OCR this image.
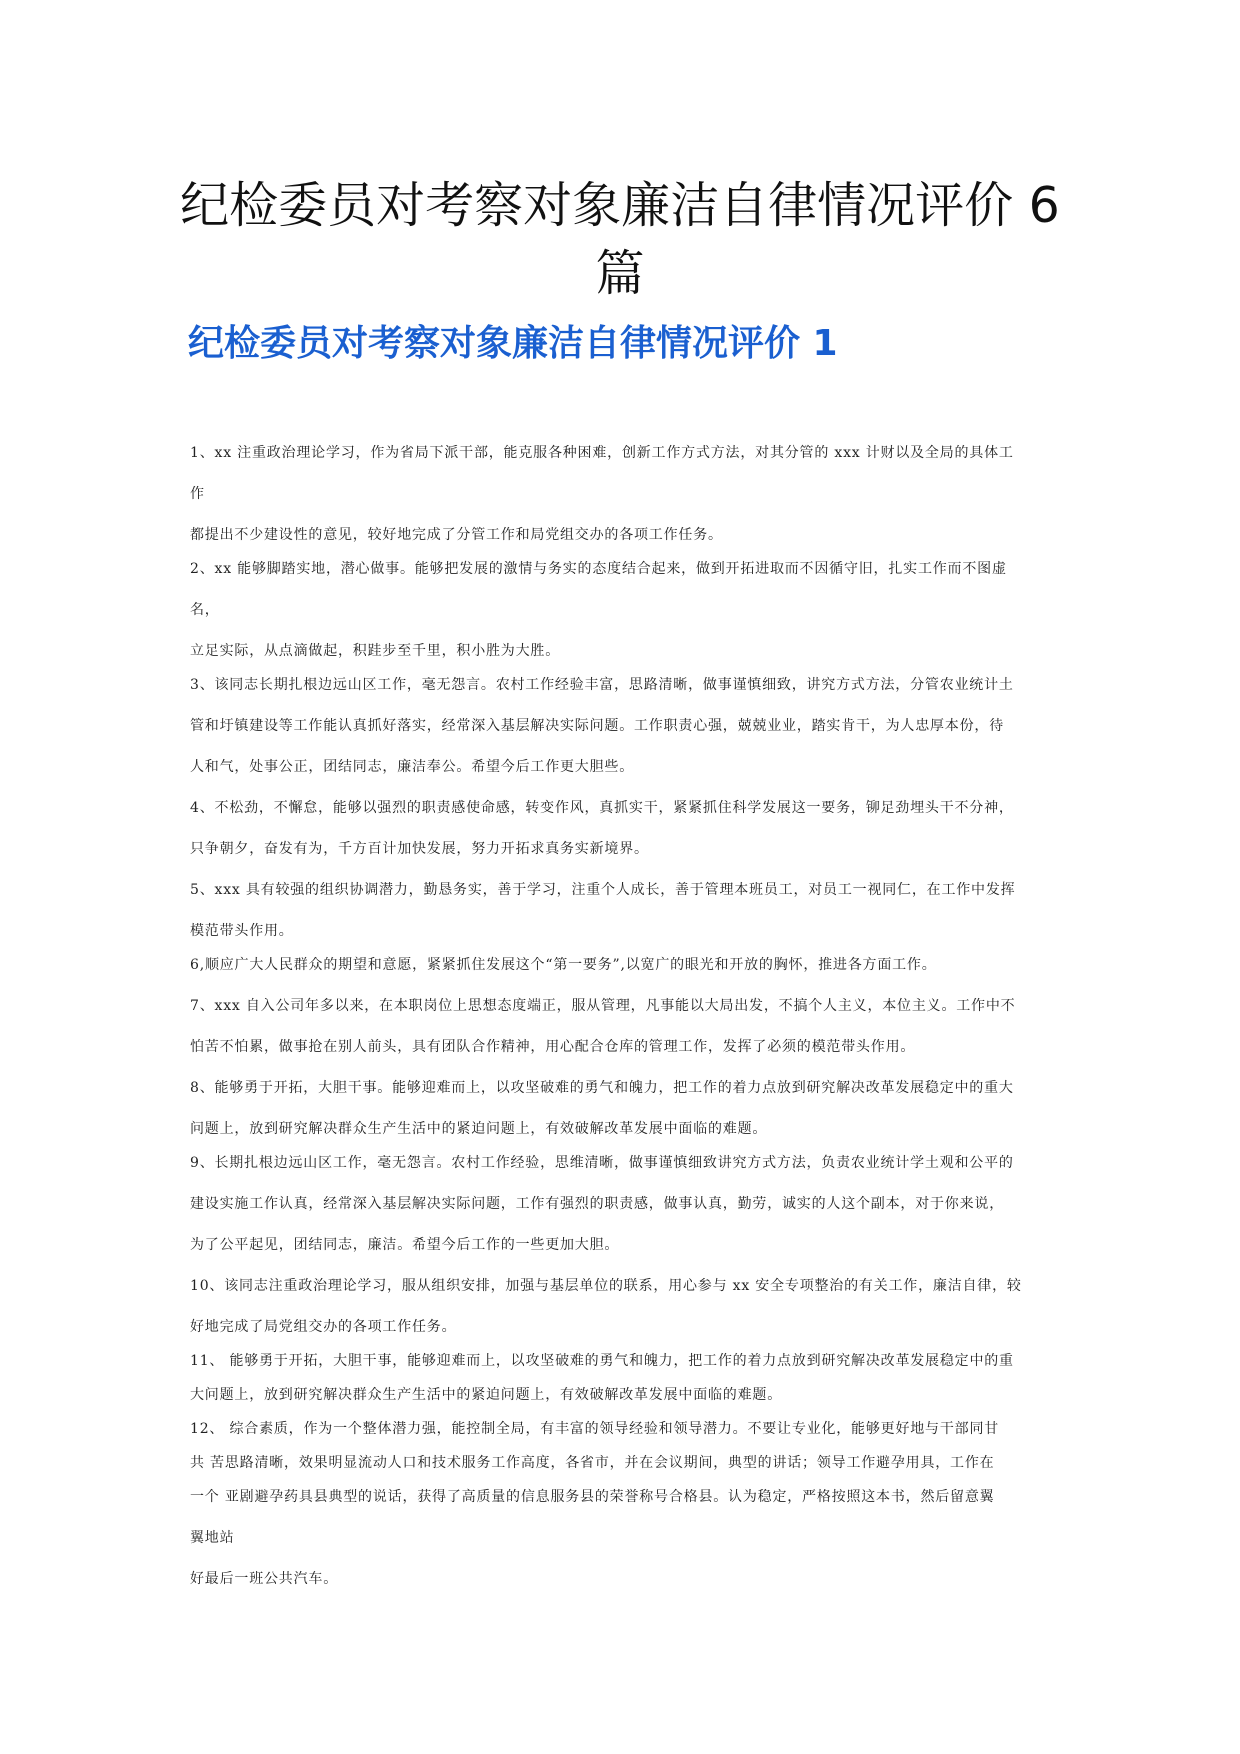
纪检委员对考察对象廉洁自律情况评价 6
篇
纪检委员对考察对象廉洁自律情况评价 1

1、xx 注重政治理论学习，作为省局下派干部，能克服各种困难，创新工作方式方法，对其分管的 xxx 计财以及全局的具体工

作

都提出不少建设性的意见，较好地完成了分管工作和局党组交办的各项工作任务。

2、xx 能够脚踏实地，潜心做事。能够把发展的激情与务实的态度结合起来，做到开拓进取而不因循守旧，扎实工作而不图虚

名，

立足实际，从点滴做起，积跬步至千里，积小胜为大胜。

3、该同志长期扎根边远山区工作，毫无怨言。农村工作经验丰富，思路清晰，做事谨慎细致，讲究方式方法，分管农业统计土

管和圩镇建设等工作能认真抓好落实，经常深入基层解决实际问题。工作职责心强，兢兢业业，踏实肯干，为人忠厚本份，待

人和气，处事公正，团结同志，廉洁奉公。希望今后工作更大胆些。

4、不松劲，不懈怠，能够以强烈的职责感使命感，转变作风，真抓实干，紧紧抓住科学发展这一要务，铆足劲埋头干不分神，

只争朝夕，奋发有为，千方百计加快发展，努力开拓求真务实新境界。

5、xxx 具有较强的组织协调潜力，勤恳务实，善于学习，注重个人成长，善于管理本班员工，对员工一视同仁，在工作中发挥

模范带头作用。

6,顺应广大人民群众的期望和意愿，紧紧抓住发展这个“第一要务”,以宽广的眼光和开放的胸怀，推进各方面工作。

7、xxx 自入公司年多以来，在本职岗位上思想态度端正，服从管理，凡事能以大局出发，不搞个人主义，本位主义。工作中不

怕苦不怕累，做事抢在别人前头，具有团队合作精神，用心配合仓库的管理工作，发挥了必须的模范带头作用。

8、能够勇于开拓，大胆干事。能够迎难而上，以攻坚破难的勇气和魄力，把工作的着力点放到研究解决改革发展稳定中的重大

问题上，放到研究解决群众生产生活中的紧迫问题上，有效破解改革发展中面临的难题。

9、长期扎根边远山区工作，毫无怨言。农村工作经验，思维清晰，做事谨慎细致讲究方式方法，负责农业统计学土观和公平的

建设实施工作认真，经常深入基层解决实际问题，工作有强烈的职责感，做事认真，勤劳，诚实的人这个副本，对于你来说，

为了公平起见，团结同志，廉洁。希望今后工作的一些更加大胆。

10、该同志注重政治理论学习，服从组织安排，加强与基层单位的联系，用心参与 xx 安全专项整治的有关工作，廉洁自律，较

好地完成了局党组交办的各项工作任务。

11、 能够勇于开拓，大胆干事，能够迎难而上，以攻坚破难的勇气和魄力，把工作的着力点放到研究解决改革发展稳定中的重

大问题上，放到研究解决群众生产生活中的紧迫问题上，有效破解改革发展中面临的难题。

12、 综合素质，作为一个整体潜力强，能控制全局，有丰富的领导经验和领导潜力。不要让专业化，能够更好地与干部同甘

共 苦思路清晰，效果明显流动人口和技术服务工作高度，各省市，并在会议期间，典型的讲话；领导工作避孕用具，工作在

一个 亚剧避孕药具县典型的说话，获得了高质量的信息服务县的荣誉称号合格县。认为稳定，严格按照这本书，然后留意翼

翼地站

好最后一班公共汽车。
